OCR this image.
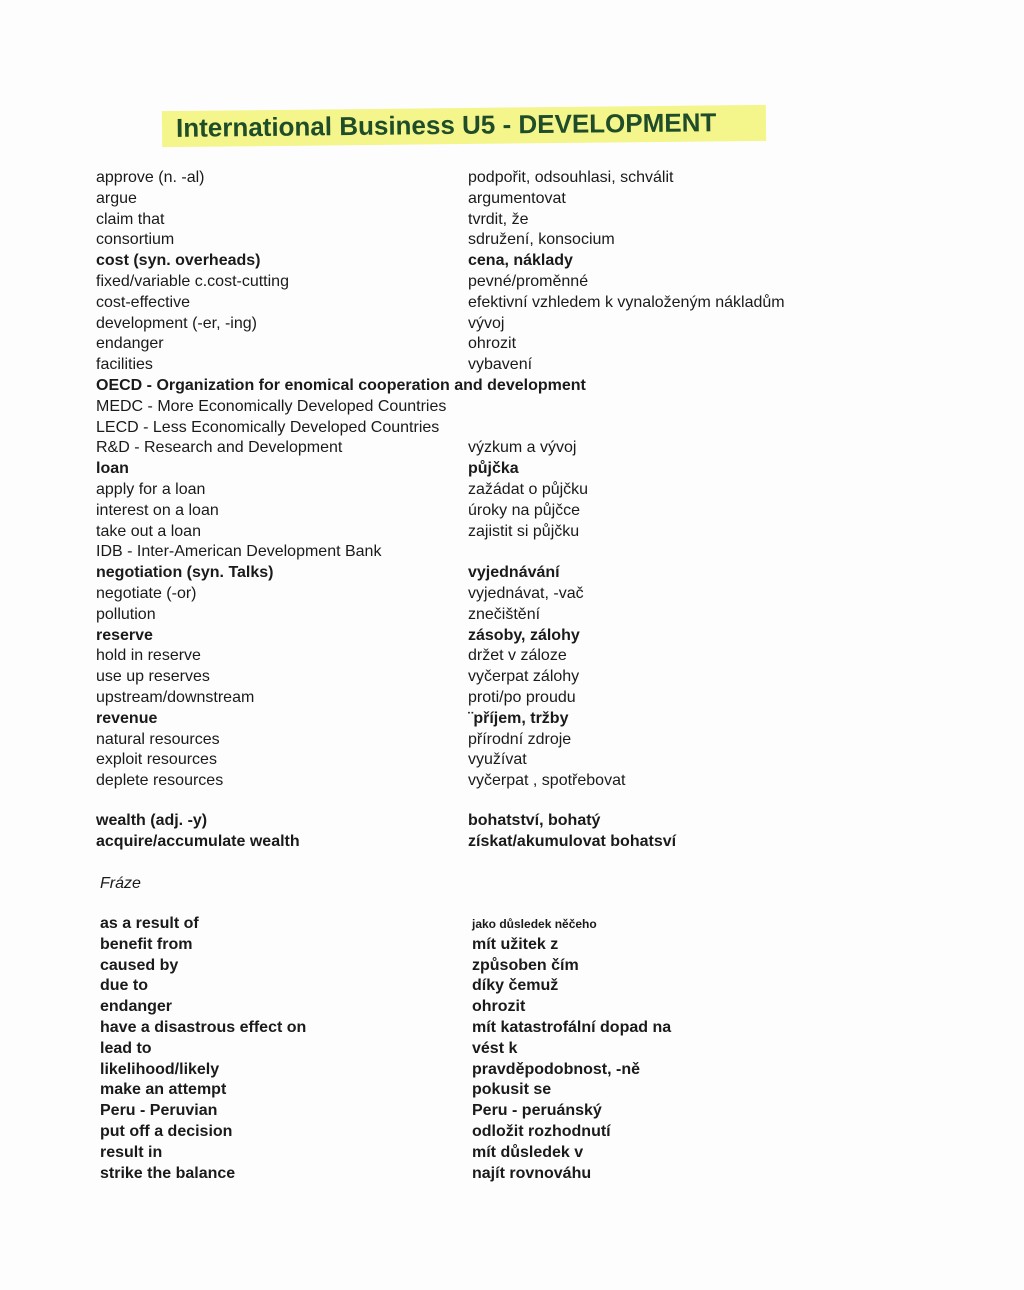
International Business U5 - DEVELOPMENT
approve (n. -al)	podpořit, odsouhlasi, schválit
argue	argumentovat
claim that	tvrdit, že
consortium	sdružení, konsocium
cost (syn. overheads)	cena, náklady
fixed/variable c.cost-cutting	pevné/proměnné
cost-effective	efektivní vzhledem k vynaloženým nákladům
development (-er, -ing)	vývoj
endanger	ohrozit
facilities	vybavení
OECD - Organization for enomical cooperation and development
MEDC - More Economically Developed Countries
LECD - Less Economically Developed Countries
R&D - Research and Development	výzkum a vývoj
loan	půjčka
apply for a loan	zažádat o půjčku
interest on a loan	úroky na půjčce
take out a loan	zajistit si půjčku
IDB - Inter-American Development Bank
negotiation (syn. Talks)	vyjednávání
negotiate (-or)	vyjednávat, -vač
pollution	znečištění
reserve	zásoby, zálohy
hold in reserve	držet v záloze
use up reserves	vyčerpat zálohy
upstream/downstream	proti/po proudu
revenue	¨příjem, tržby
natural resources	přírodní zdroje
exploit resources	využívat
deplete resources	vyčerpat , spotřebovat
wealth (adj. -y)	bohatství, bohatý
acquire/accumulate wealth	získat/akumulovat bohatsví
Fráze
as a result of	jako důsledek něčeho
benefit from	mít užitek z
caused by	způsoben čím
due to	díky čemuž
endanger	ohrozit
have a disastrous effect on	mít katastrofální dopad na
lead to	vést k
likelihood/likely	pravděpodobnost, -ně
make an attempt	pokusit se
Peru - Peruvian	Peru - peruánský
put off a decision	odložit rozhodnutí
result in	mít důsledek v
strike the balance	najít rovnováhu
